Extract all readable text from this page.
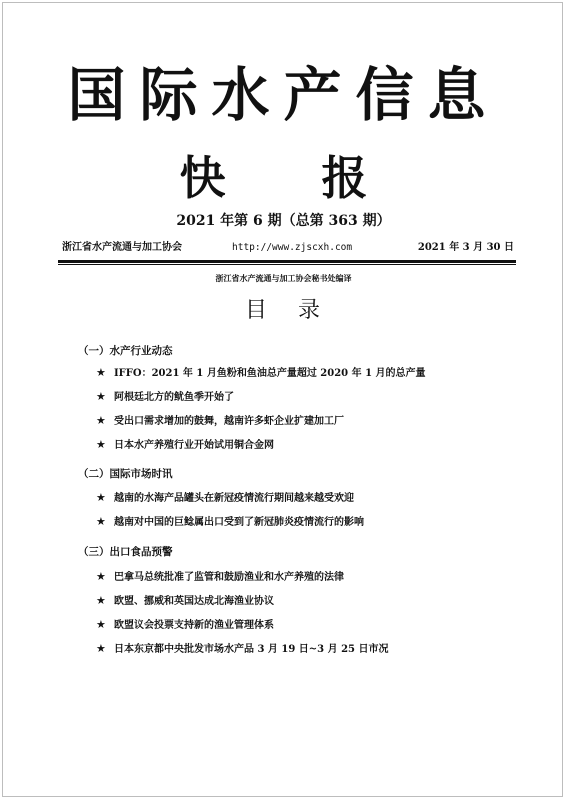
国际水产信息
快 报
2021 年第 6 期（总第 363 期）
浙江省水产流通与加工协会	http://www.zjscxh.com	2021 年 3 月 30 日
浙江省水产流通与加工协会秘书处编译
目 录
（一）水产行业动态
★ IFFO：2021 年 1 月鱼粉和鱼油总产量超过 2020 年 1 月的总产量
★ 阿根廷北方的鱿鱼季开始了
★ 受出口需求增加的鼓舞，越南许多虾企业扩建加工厂
★ 日本水产养殖行业开始试用铜合金网
（二）国际市场时讯
★ 越南的水海产品罐头在新冠疫情流行期间越来越受欢迎
★ 越南对中国的巨鲶属出口受到了新冠肺炎疫情流行的影响
（三）出口食品预警
★ 巴拿马总统批准了监管和鼓励渔业和水产养殖的法律
★ 欧盟、挪威和英国达成北海渔业协议
★ 欧盟议会投票支持新的渔业管理体系
★ 日本东京都中央批发市场水产品 3 月 19 日~3 月 25 日市况
